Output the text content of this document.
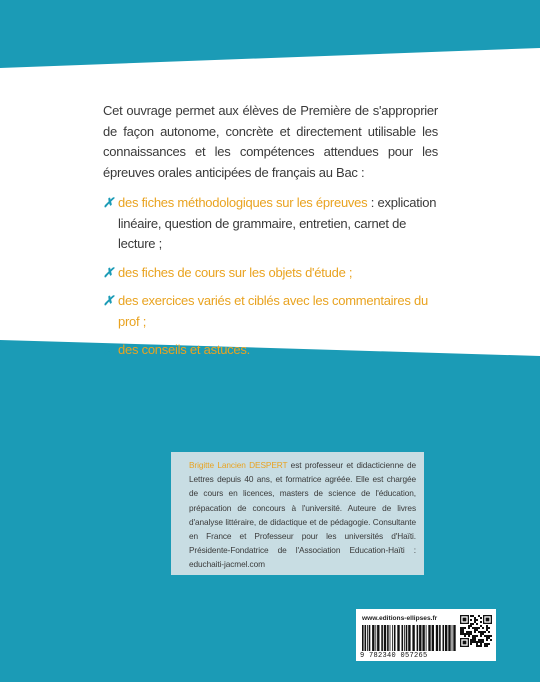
Cet ouvrage permet aux élèves de Première de s'approprier de façon autonome, concrète et directement utilisable les connaissances et les compétences attendues pour les épreuves orales anticipées de français au Bac :

✗ des fiches méthodologiques sur les épreuves : explication linéaire, question de grammaire, entretien, carnet de lecture ;
✗ des fiches de cours sur les objets d'étude ;
✗ des exercices variés et ciblés avec les commentaires du prof ;
✗ des conseils et astuces.
Brigitte Lancien DESPERT est professeur et didacticienne de Lettres depuis 40 ans, et formatrice agréée. Elle est chargée de cours en licences, masters de science de l'éducation, prépacation de concours à l'université. Auteure de livres d'analyse littéraire, de didactique et de pédagogie. Consultante en France et Professeur pour les universités d'Haïti. Présidente-Fondatrice de l'Association Education-Haïti : educhaiti-jacmel.com
www.editions-ellipses.fr
9 782340 057265
